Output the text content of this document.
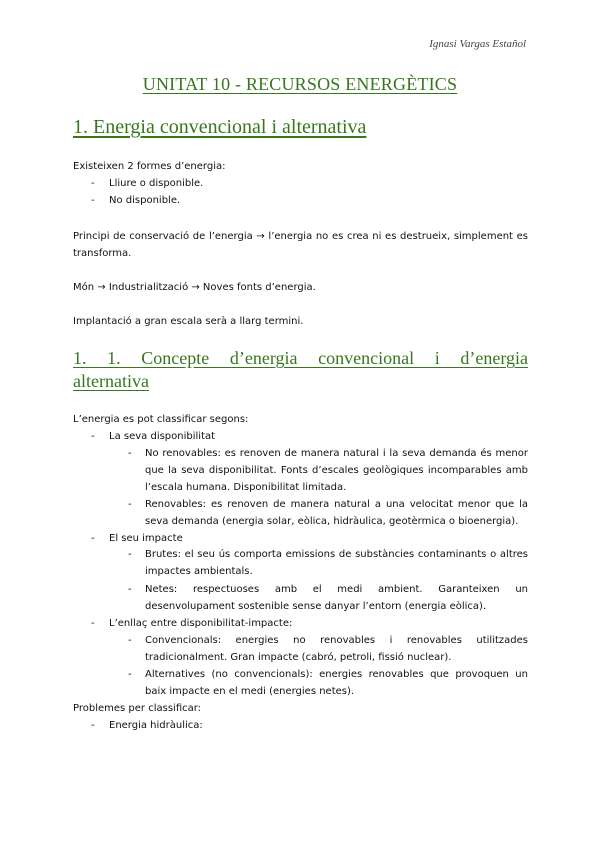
Ignasi Vargas Estañol
UNITAT 10 - RECURSOS ENERGÈTICS
1. Energia convencional i alternativa
Existeixen 2 formes d’energia:
- Lliure o disponible.
- No disponible.
Principi de conservació de l’energia → l’energia no es crea ni es destrueix, simplement es transforma.
Món → Industrialització → Noves fonts d’energia.
Implantació a gran escala serà a llarg termini.
1. 1. Concepte d’energia convencional i d’energia
alternativa
L’energia es pot classificar segons:
- La seva disponibilitat
- No renovables: es renoven de manera natural i la seva demanda és menor que la seva disponibilitat. Fonts d’escales geològiques incomparables amb l’escala humana. Disponibilitat limitada.
- Renovables: es renoven de manera natural a una velocitat menor que la seva demanda (energia solar, eòlica, hidràulica, geotèrmica o bioenergia).
- El seu impacte
- Brutes: el seu ús comporta emissions de substàncies contaminants o altres impactes ambientals.
- Netes: respectuoses amb el medi ambient. Garanteixen un desenvolupament sostenible sense danyar l’entorn (energia eòlica).
- L’enllaç entre disponibilitat-impacte:
- Convencionals: energies no renovables i renovables utilitzades tradicionalment. Gran impacte (cabró, petroli, fissió nuclear).
- Alternatives (no convencionals): energies renovables que provoquen un baix impacte en el medi (energies netes).
Problemes per classificar:
- Energia hidràulica:
